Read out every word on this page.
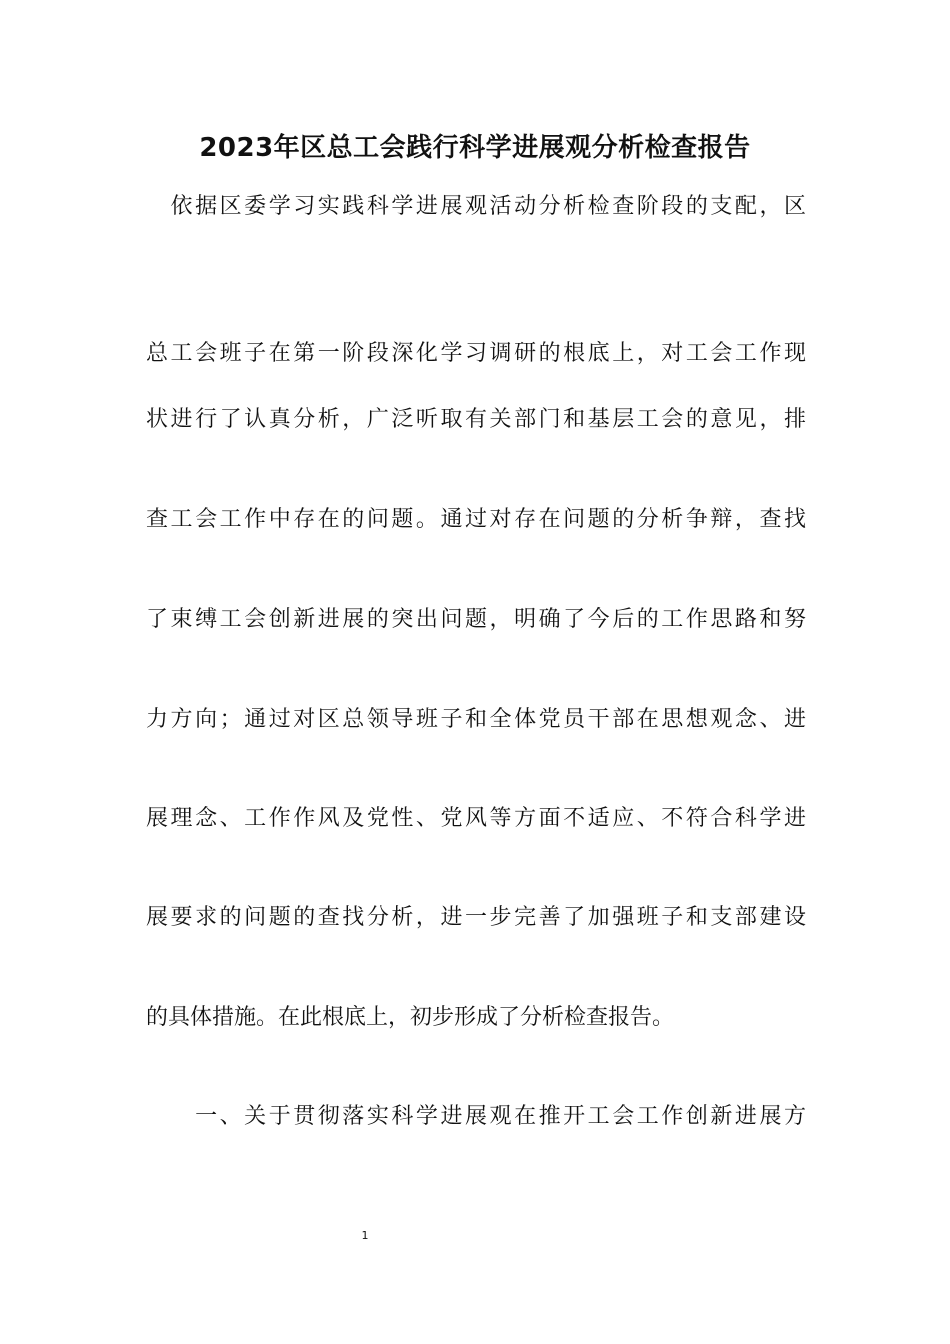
2023年区总工会践行科学进展观分析检查报告
　依据区委学习实践科学进展观活动分析检查阶段的支配，区
总工会班子在第一阶段深化学习调研的根底上，对工会工作现
状进行了认真分析，广泛听取有关部门和基层工会的意见，排
查工会工作中存在的问题。通过对存在问题的分析争辩，查找
了束缚工会创新进展的突出问题，明确了今后的工作思路和努
力方向；通过对区总领导班子和全体党员干部在思想观念、进
展理念、工作作风及党性、党风等方面不适应、不符合科学进
展要求的问题的查找分析，进一步完善了加强班子和支部建设
的具体措施。在此根底上，初步形成了分析检查报告。
　　一、关于贯彻落实科学进展观在推开工会工作创新进展方
1
